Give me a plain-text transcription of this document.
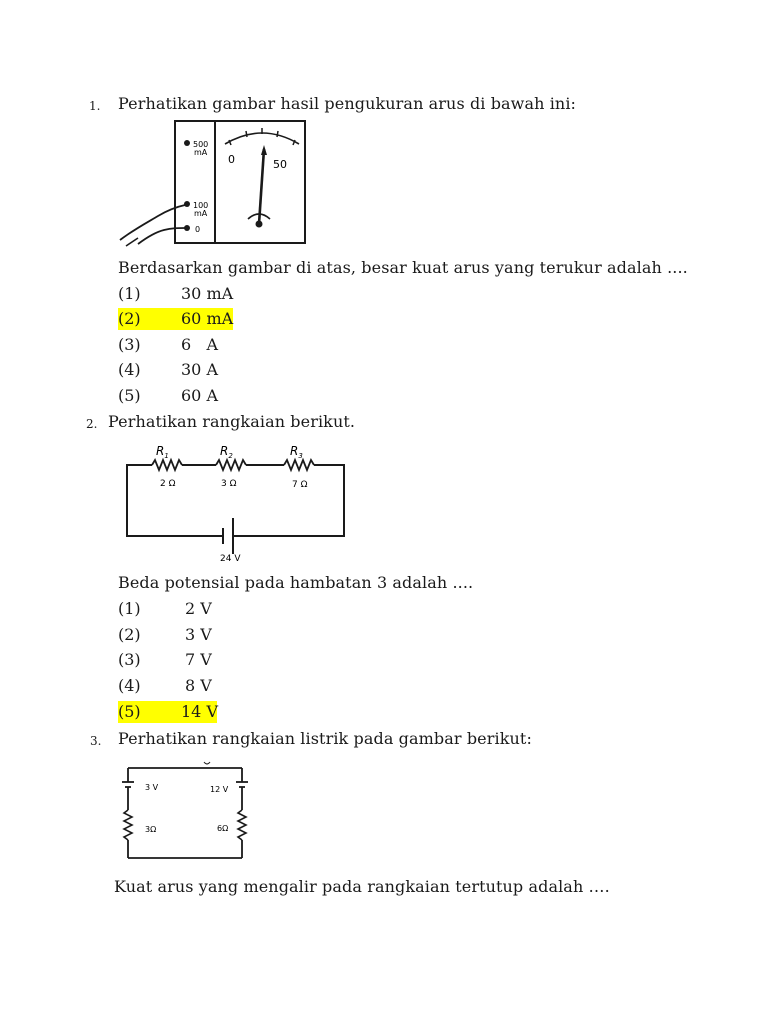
1. Perhatikan gambar hasil pengukuran arus di bawah ini:
500
mA
100
mA
0
0	50
Berdasarkan gambar di atas, besar kuat arus yang terukur adalah ....
(1)	30 mA
(2)	60 mA
(3)	6   A
(4)	30 A
(5)	60 A
2. Perhatikan rangkaian berikut.
$R_1$	$R_2$	$R_3$
2 Ω	3 Ω	7 Ω
24 V
Beda potensial pada hambatan 3 adalah ....
(1)	2 V
(2)	3 V
(3)	7 V
(4)	8 V
(5)	14 V
3. Perhatikan rangkaian listrik pada gambar berikut:
3 V	12 V
3Ω	6Ω
Kuat arus yang mengalir pada rangkaian tertutup adalah ….
